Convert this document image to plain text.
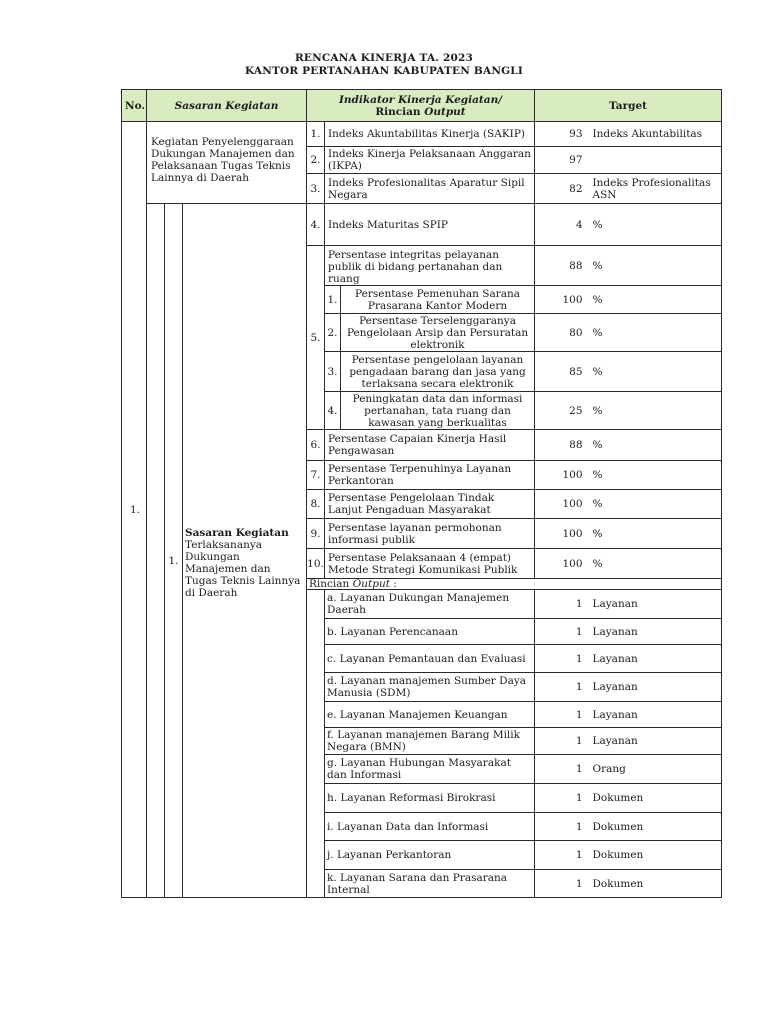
RENCANA KINERJA TA. 2023
KANTOR PERTANAHAN KABUPATEN BANGLI
No.	Sasaran Kegiatan			Indikator Kinerja Kegiatan/
Rincian Output			Target	
1.	Kegiatan Penyelenggaraan Dukungan Manajemen dan Pelaksanaan Tugas Teknis Lainnya di Daerah			1.	Indeks Akuntabilitas Kinerja (SAKIP)		93	Indeks Akuntabilitas
				2.	Indeks Kinerja Pelaksanaan Anggaran (IKPA)		97	
				3.	Indeks Profesionalitas Aparatur Sipil Negara		82	Indeks Profesionalitas ASN
		1.	Sasaran Kegiatan
Terlaksananya Dukungan Manajemen dan Tugas Teknis Lainnya di Daerah	4.	Indeks Maturitas SPIP		4	%
				5.	Persentase integritas pelayanan publik di bidang pertanahan dan ruang		88	%
					1.	Persentase Pemenuhan Sarana Prasarana Kantor Modern	100	%
					2.	Persentase Terselenggaranya Pengelolaan Arsip dan Persuratan elektronik	80	%
					3.	Persentase pengelolaan layanan pengadaan barang dan jasa yang terlaksana secara elektronik	85	%
					4.	Peningkatan data dan informasi pertanahan, tata ruang dan kawasan yang berkualitas	25	%
				6.	Persentase Capaian Kinerja Hasil Pengawasan		88	%
				7.	Persentase Terpenuhinya Layanan Perkantoran		100	%
				8.	Persentase Pengelolaan Tindak Lanjut Pengaduan Masyarakat		100	%
				9.	Persentase layanan permohonan informasi publik		100	%
				10.	Persentase Pelaksanaan 4 (empat) Metode Strategi Komunikasi Publik		100	%
				Rincian Output :				
					a. Layanan Dukungan Manajemen Daerah		1	Layanan
					b. Layanan Perencanaan		1	Layanan
					c. Layanan Pemantauan dan Evaluasi		1	Layanan
					d. Layanan manajemen Sumber Daya Manusia (SDM)		1	Layanan
					e. Layanan Manajemen Keuangan		1	Layanan
					f. Layanan manajemen Barang Milik Negara (BMN)		1	Layanan
					g. Layanan Hubungan Masyarakat dan Informasi		1	Orang
					h. Layanan Reformasi Birokrasi		1	Dokumen
					i. Layanan Data dan Informasi		1	Dokumen
					j. Layanan Perkantoran		1	Dokumen
					k. Layanan Sarana dan Prasarana Internal		1	Dokumen
